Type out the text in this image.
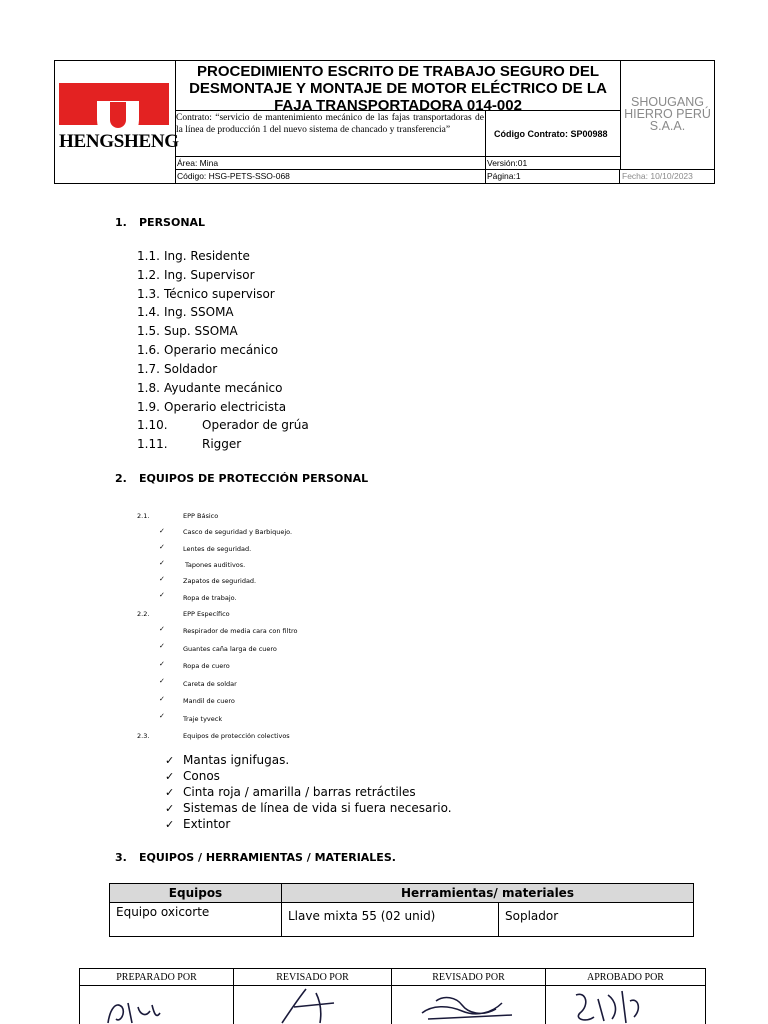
HENGSHENG
PROCEDIMIENTO ESCRITO DE TRABAJO SEGURO DEL DESMONTAJE Y MONTAJE DE MOTOR ELÉCTRICO DE LA FAJA TRANSPORTADORA 014-002
Contrato: “servicio de mantenimiento mecánico de las fajas transportadoras de la línea de producción 1 del nuevo sistema de chancado y transferencia”	Código Contrato: SP00988
SHOUGANG HIERRO PERÚ S.A.A.
Área: Mina	Versión:01
Código: HSG-PETS-SSO-068	Página:1	Fecha: 10/10/2023
1. PERSONAL
1.1. Ing. Residente
1.2. Ing. Supervisor
1.3. Técnico supervisor
1.4. Ing. SSOMA
1.5. Sup. SSOMA
1.6. Operario mecánico
1.7. Soldador
1.8. Ayudante mecánico
1.9. Operario electricista
1.10.	Operador de grúa
1.11.	Rigger
2. EQUIPOS DE PROTECCIÓN PERSONAL
2.1.	EPP Básico
✓	Casco de seguridad y Barbiquejo.
✓	Lentes de seguridad.
✓	Tapones auditivos.
✓	Zapatos de seguridad.
✓	Ropa de trabajo.
2.2.	EPP Específico
✓	Respirador de media cara con filtro
✓	Guantes caña larga de cuero
✓	Ropa de cuero
✓	Careta de soldar
✓	Mandil de cuero
✓	Traje tyveck
2.3.	Equipos de protección colectivos
✓ Mantas ignifugas.
✓ Conos
✓ Cinta roja / amarilla / barras retráctiles
✓ Sistemas de línea de vida si fuera necesario.
✓ Extintor
3. EQUIPOS / HERRAMIENTAS / MATERIALES.
Equipos	Herramientas/ materiales	
Equipo oxicorte	Llave mixta 55 (02 unid)	Soplador
PREPARADO POR	REVISADO POR	REVISADO POR	APROBADO POR
